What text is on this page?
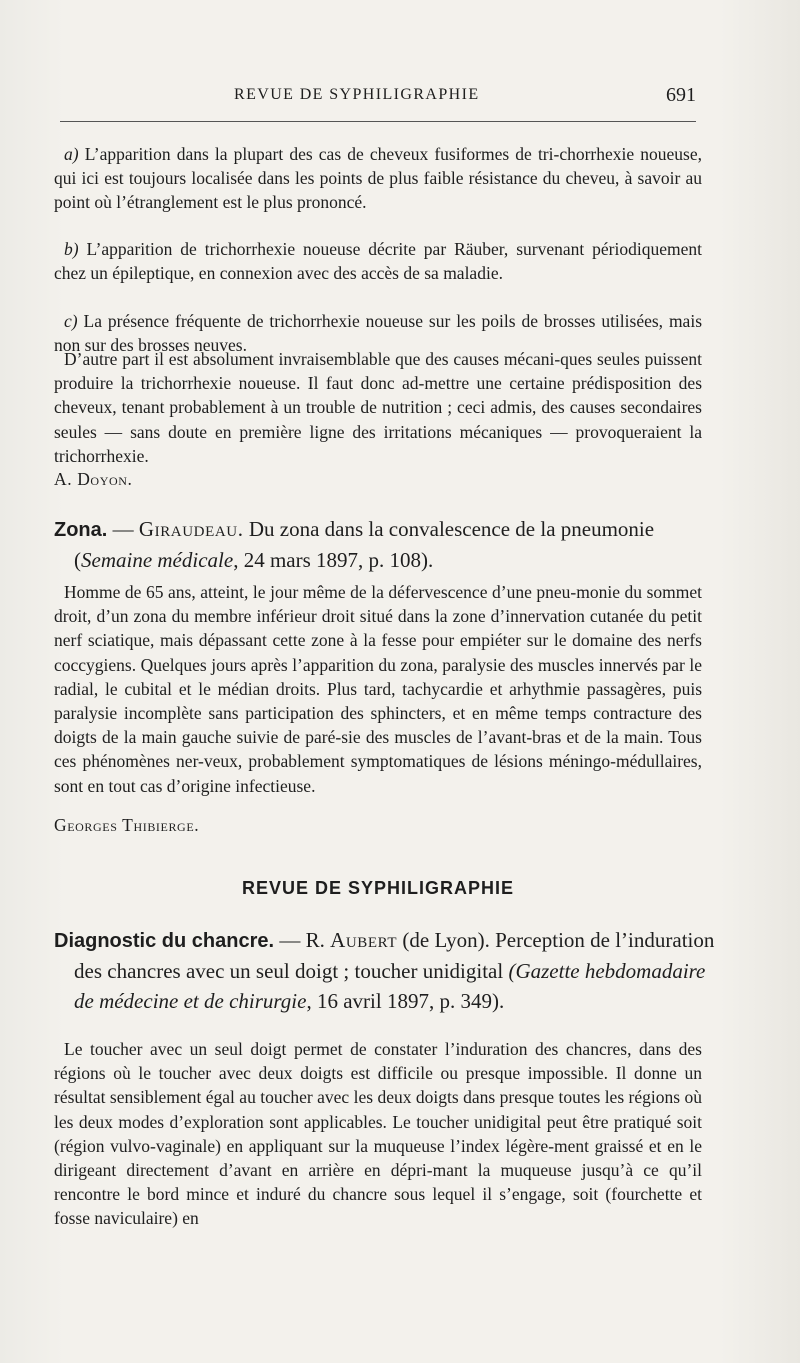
REVUE DE SYPHILIGRAPHIE	691

a) L’apparition dans la plupart des cas de cheveux fusiformes de tri-chorrhexie noueuse, qui ici est toujours localisée dans les points de plus faible résistance du cheveu, à savoir au point où l’étranglement est le plus prononcé.

b) L’apparition de trichorrhexie noueuse décrite par Räuber, survenant périodiquement chez un épileptique, en connexion avec des accès de sa maladie.

c) La présence fréquente de trichorrhexie noueuse sur les poils de brosses utilisées, mais non sur des brosses neuves.

D’autre part il est absolument invraisemblable que des causes mécani-ques seules puissent produire la trichorrhexie noueuse. Il faut donc ad-mettre une certaine prédisposition des cheveux, tenant probablement à un trouble de nutrition ; ceci admis, des causes secondaires seules — sans doute en première ligne des irritations mécaniques — provoqueraient la trichorrhexie.

A. Doyon.

Zona. — Giraudeau. Du zona dans la convalescence de la pneumonie (Semaine médicale, 24 mars 1897, p. 108).

Homme de 65 ans, atteint, le jour même de la défervescence d’une pneu-monie du sommet droit, d’un zona du membre inférieur droit situé dans la zone d’innervation cutanée du petit nerf sciatique, mais dépassant cette zone à la fesse pour empiéter sur le domaine des nerfs coccygiens. Quelques jours après l’apparition du zona, paralysie des muscles innervés par le radial, le cubital et le médian droits. Plus tard, tachycardie et arhythmie passagères, puis paralysie incomplète sans participation des sphincters, et en même temps contracture des doigts de la main gauche suivie de paré-sie des muscles de l’avant-bras et de la main. Tous ces phénomènes ner-veux, probablement symptomatiques de lésions méningo-médullaires, sont en tout cas d’origine infectieuse.

Georges Thibierge.

REVUE DE SYPHILIGRAPHIE

Diagnostic du chancre. — R. Aubert (de Lyon). Perception de l’induration des chancres avec un seul doigt ; toucher unidigital (Gazette hebdomadaire de médecine et de chirurgie, 16 avril 1897, p. 349).

Le toucher avec un seul doigt permet de constater l’induration des chancres, dans des régions où le toucher avec deux doigts est difficile ou presque impossible. Il donne un résultat sensiblement égal au toucher avec les deux doigts dans presque toutes les régions où les deux modes d’exploration sont applicables. Le toucher unidigital peut être pratiqué soit (région vulvo-vaginale) en appliquant sur la muqueuse l’index légère-ment graissé et en le dirigeant directement d’avant en arrière en dépri-mant la muqueuse jusqu’à ce qu’il rencontre le bord mince et induré du chancre sous lequel il s’engage, soit (fourchette et fosse naviculaire) en
